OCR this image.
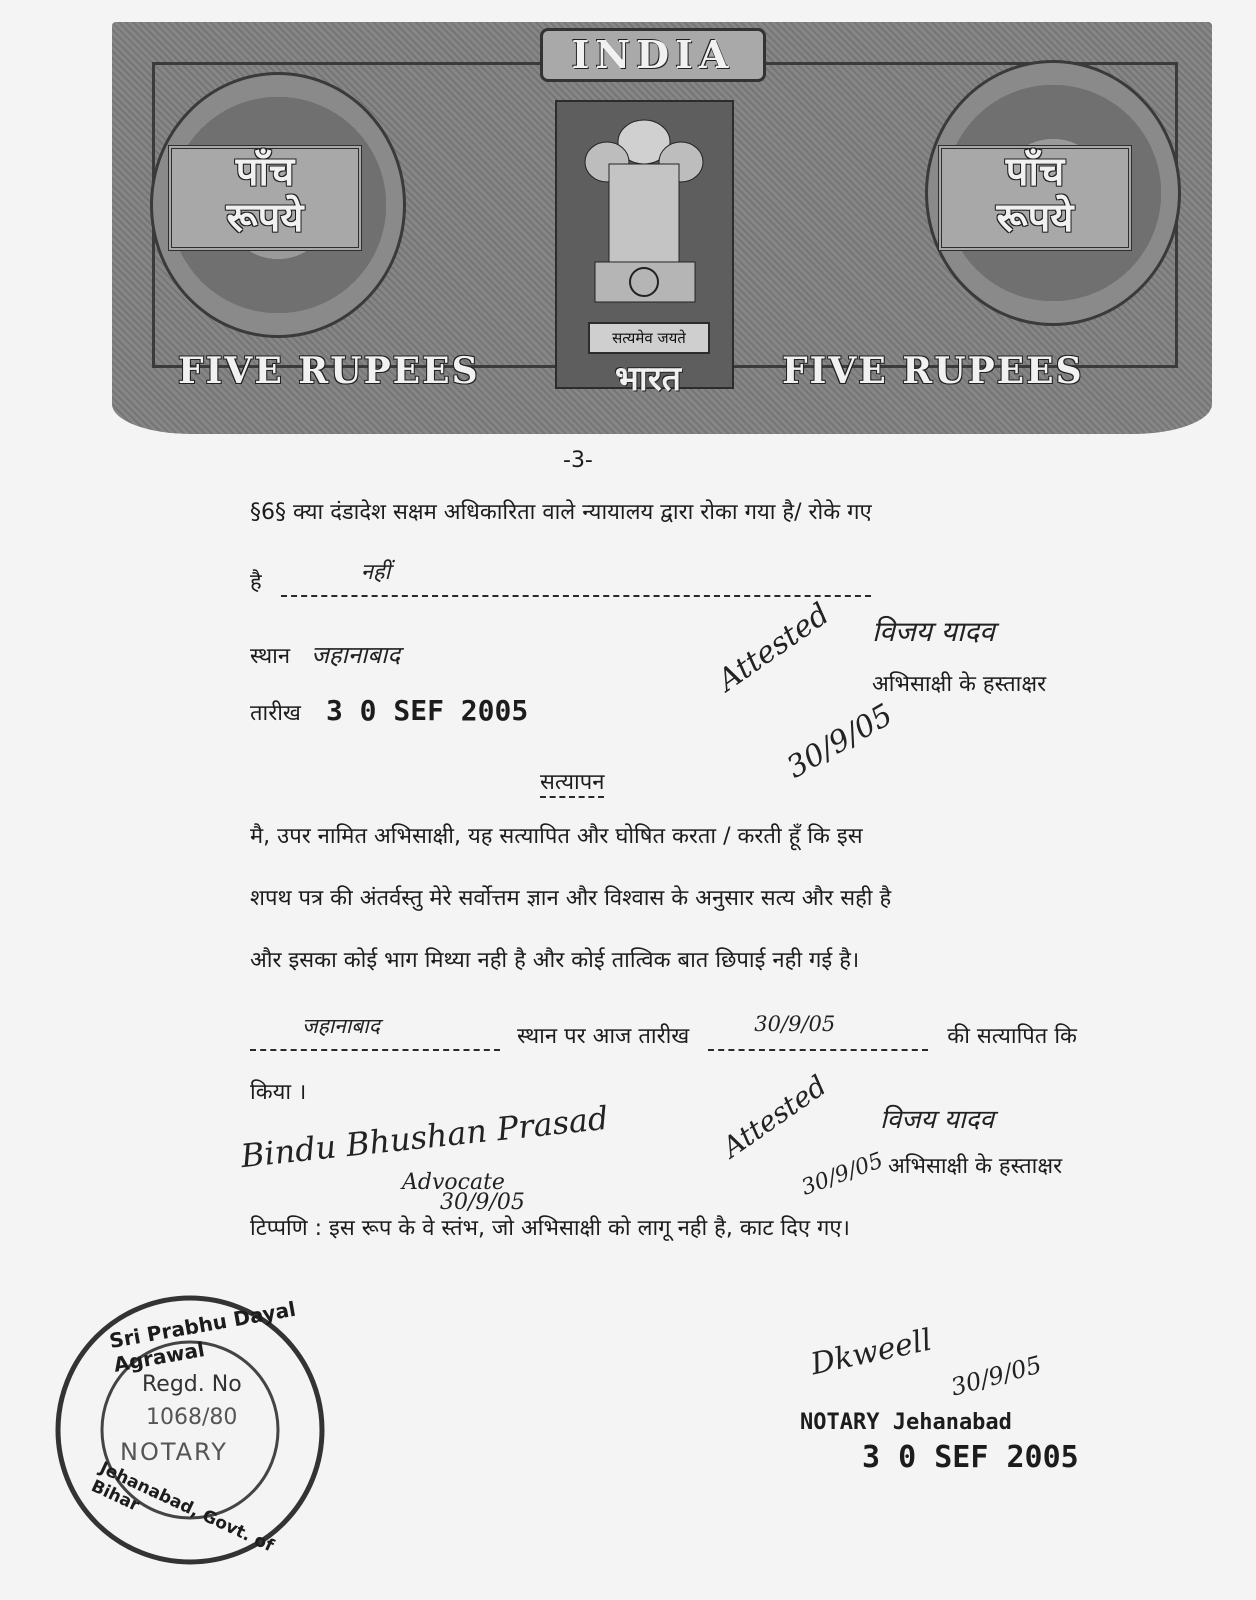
INDIA
पाँच
रूपये
पाँच
रूपये
सत्यमेव जयते
भारत
FIVE RUPEES	FIVE RUPEES
-3-
§6§ क्या दंडादेश सक्षम अधिकारिता वाले न्यायालय द्वारा रोका गया है/ रोके गए
है	नहीं

स्थान जहानाबाद
तारीख 3 0 SEF 2005
विजय यादव
अभिसाक्षी के हस्ताक्षर
Attested
30/9/05
सत्यापन
मै, उपर नामित अभिसाक्षी, यह सत्यापित और घोषित करता / करती हूँ कि इस
शपथ पत्र की अंतर्वस्तु मेरे सर्वोत्तम ज्ञान और विश्वास के अनुसार सत्य और सही है
और इसका कोई भाग मिथ्या नही है और कोई तात्विक बात छिपाई नही गई है।
जहानाबाद	स्थान पर आज तारीख	30/9/05	की सत्यापित कि
किया ।
Bindu Bhushan Prasad
Advocate
30/9/05
Attested
30/9/05
विजय यादव
अभिसाक्षी के हस्ताक्षर
टिप्पणि : इस रूप के वे स्तंभ, जो अभिसाक्षी को लागू नही है, काट दिए गए।
Sri Prabhu Dayal Agrawal
Jehanabad, Govt. of Bihar
Regd. No
1068/80
NOTARY
Dkweell 30/9/05
NOTARY Jehanabad
3 0 SEF 2005
